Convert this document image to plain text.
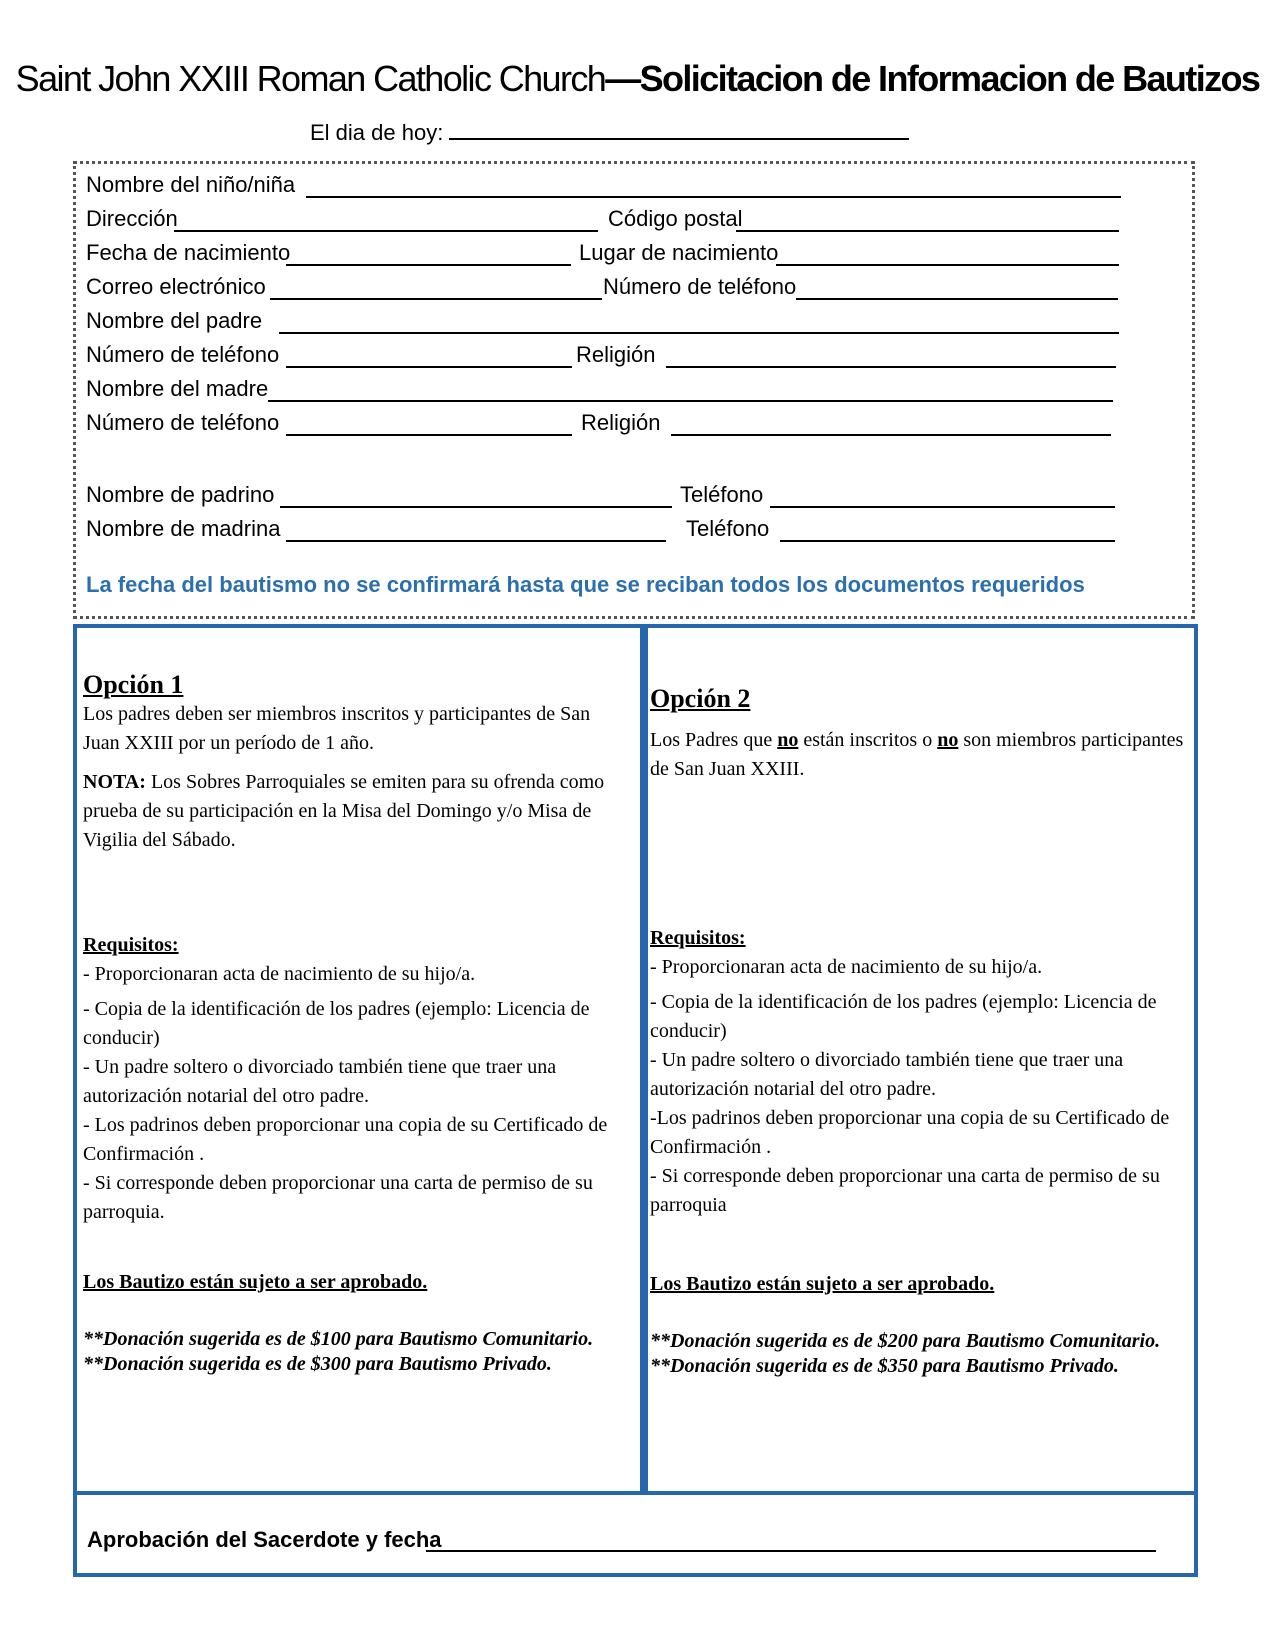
Saint John XXIII Roman Catholic Church—Solicitacion de Informacion de Bautizos
El dia de hoy:
Nombre del niño/niña
Dirección	Código postal
Fecha de nacimiento	Lugar de nacimiento
Correo electrónico	Número de teléfono
Nombre del padre
Número de teléfono	Religión
Nombre del madre
Número de teléfono	Religión
Nombre de padrino	Teléfono
Nombre de madrina	Teléfono
La fecha del bautismo no se confirmará hasta que se reciban todos los documentos requeridos
Opción 1

Los padres deben ser miembros inscritos y participantes de San Juan XXIII por un período de 1 año.

NOTA: Los Sobres Parroquiales se emiten para su ofrenda como prueba de su participación en la Misa del Domingo y/o Misa de Vigilia del Sábado.

Requisitos:

- Proporcionaran acta de nacimiento de su hijo/a.

- Copia de la identificación de los padres (ejemplo: Licencia de conducir)

- Un padre soltero o divorciado también tiene que traer una autorización notarial del otro padre.

- Los padrinos deben proporcionar una copia de su Certificado de Confirmación .

- Si corresponde deben proporcionar una carta de permiso de su parroquia.

Los Bautizo están sujeto a ser aprobado.

**Donación sugerida es de $100 para Bautismo Comunitario.

**Donación sugerida es de $300 para Bautismo Privado.

Opción 2

Los Padres que no están inscritos o no son miembros participantes de San Juan XXIII.

Requisitos:

- Proporcionaran acta de nacimiento de su hijo/a.

- Copia de la identificación de los padres (ejemplo: Licencia de conducir)

- Un padre soltero o divorciado también tiene que traer una autorización notarial del otro padre.

-Los padrinos deben proporcionar una copia de su Certificado de Confirmación .

- Si corresponde deben proporcionar una carta de permiso de su parroquia

Los Bautizo están sujeto a ser aprobado.

**Donación sugerida es de $200 para Bautismo Comunitario.

**Donación sugerida es de $350 para Bautismo Privado.

Aprobación del Sacerdote y fecha
